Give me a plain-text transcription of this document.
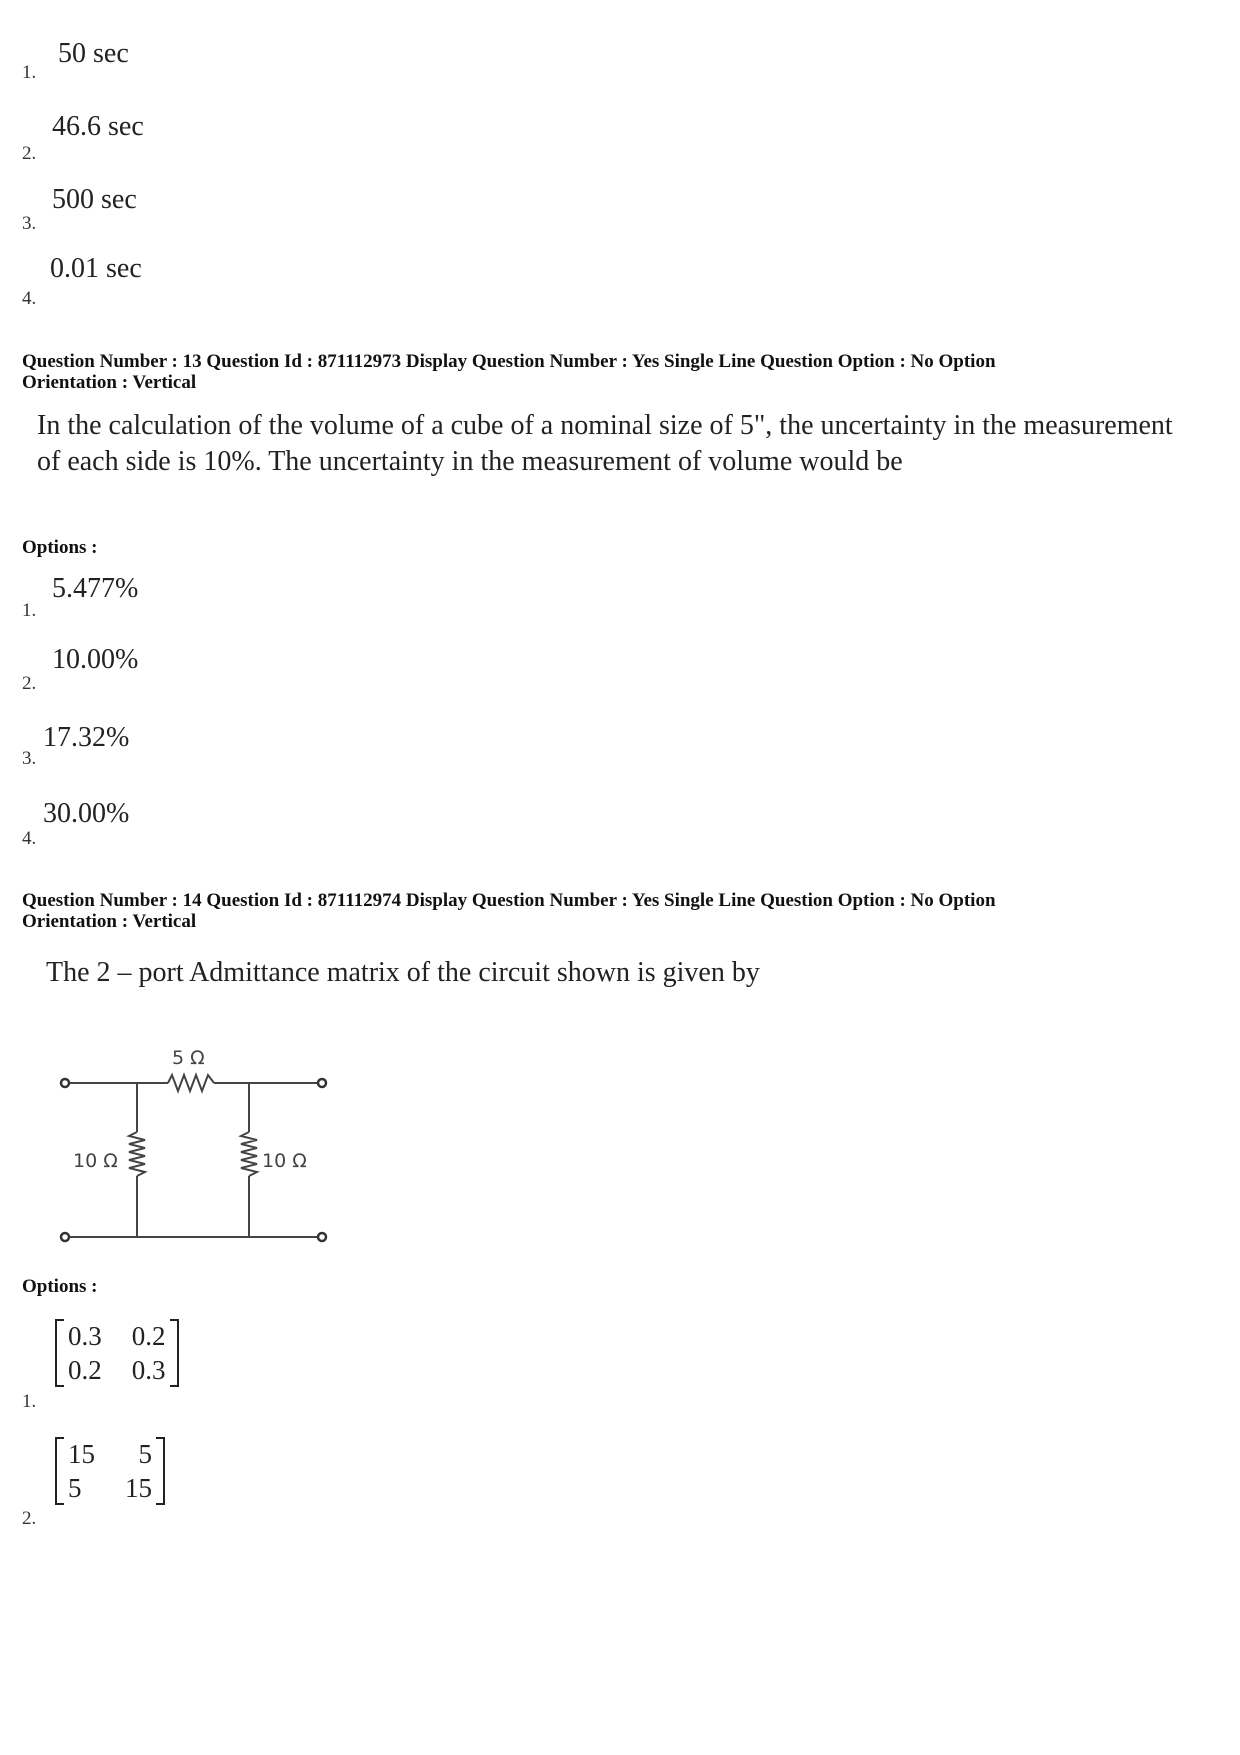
50 sec
1.
46.6 sec
2.
500 sec
3.
0.01 sec
4.
Question Number : 13 Question Id : 871112973 Display Question Number : Yes Single Line Question Option : No Option
Orientation : Vertical
In the calculation of the volume of a cube of a nominal size of 5", the uncertainty in the measurement of each side is 10%. The uncertainty in the measurement of volume would be
Options :
5.477%
1.
10.00%
2.
17.32%
3.
30.00%
4.
Question Number : 14 Question Id : 871112974 Display Question Number : Yes Single Line Question Option : No Option
Orientation : Vertical
The 2 – port Admittance matrix of the circuit shown is given by
5 Ω
10 Ω	10 Ω
Options :
0.3	0.2
0.2	0.3
1.
15	5
5	15
2.
